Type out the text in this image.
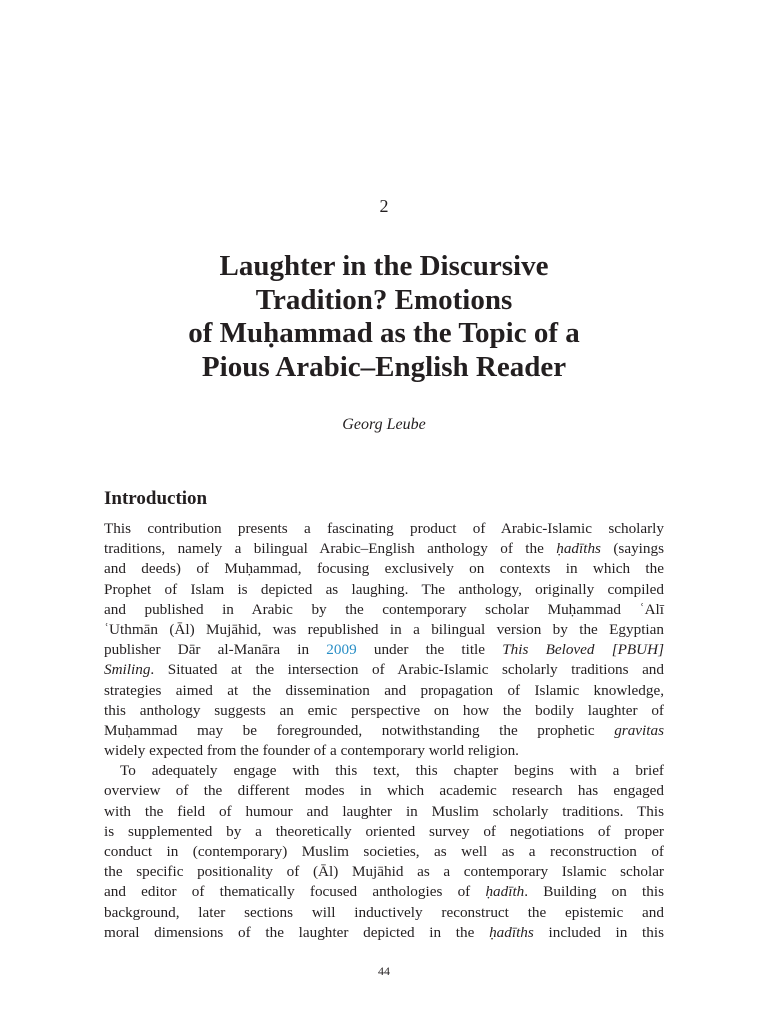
2
Laughter in the Discursive
Tradition? Emotions
of Muḥammad as the Topic of a
Pious Arabic–English Reader
Georg Leube
Introduction
This contribution presents a fascinating product of Arabic-Islamic scholarly
traditions, namely a bilingual Arabic–English anthology of the ḥadīths (sayings
and deeds) of Muḥammad, focusing exclusively on contexts in which the
Prophet of Islam is depicted as laughing. The anthology, originally compiled
and published in Arabic by the contemporary scholar Muḥammad ʿAlī
ʿUthmān (Āl) Mujāhid, was republished in a bilingual version by the Egyptian
publisher Dār al-Manāra in 2009 under the title This Beloved [PBUH]
Smiling. Situated at the intersection of Arabic-Islamic scholarly traditions and
strategies aimed at the dissemination and propagation of Islamic knowledge,
this anthology suggests an emic perspective on how the bodily laughter of
Muḥammad may be foregrounded, notwithstanding the prophetic gravitas
widely expected from the founder of a contemporary world religion.
To adequately engage with this text, this chapter begins with a brief
overview of the different modes in which academic research has engaged
with the field of humour and laughter in Muslim scholarly traditions. This
is supplemented by a theoretically oriented survey of negotiations of proper
conduct in (contemporary) Muslim societies, as well as a reconstruction of
the specific positionality of (Āl) Mujāhid as a contemporary Islamic scholar
and editor of thematically focused anthologies of ḥadīth. Building on this
background, later sections will inductively reconstruct the epistemic and
moral dimensions of the laughter depicted in the ḥadīths included in this
44
